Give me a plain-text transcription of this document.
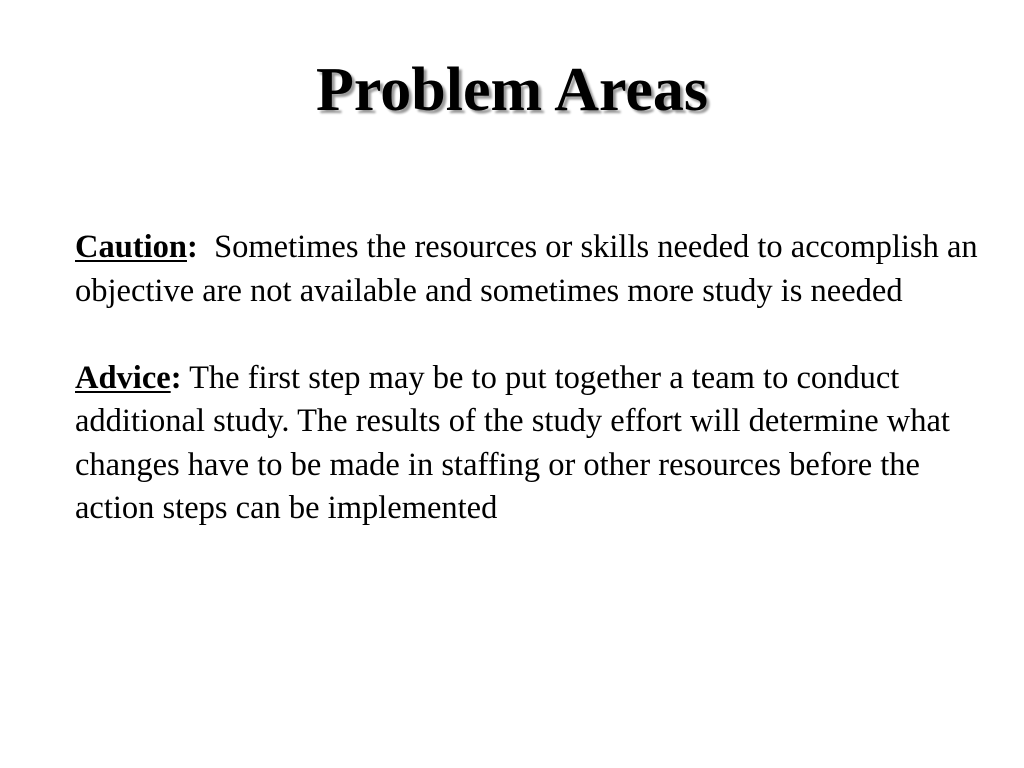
Problem Areas

Caution: Sometimes the resources or skills needed to accomplish an objective are not available and sometimes more study is needed

Advice: The first step may be to put together a team to conduct additional study. The results of the study effort will determine what changes have to be made in staffing or other resources before the action steps can be implemented
